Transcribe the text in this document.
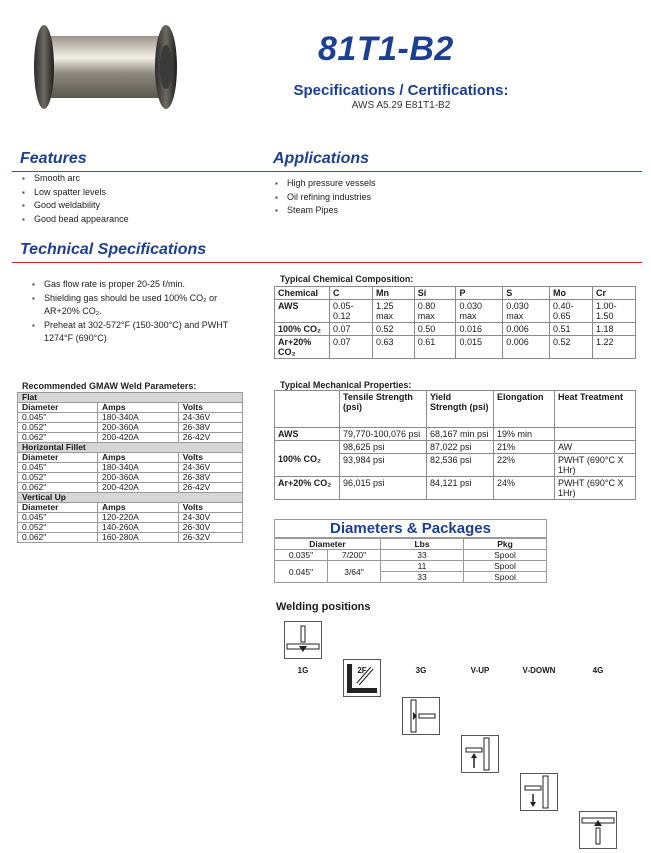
81T1-B2
Specifications / Certifications:
AWS A5.29 E81T1-B2
Features
▪ Smooth arc
▪ Low spatter levels
▪ Good weldability
▪ Good bead appearance
Applications
▪ High pressure vessels
▪ Oil refining industries
▪ Steam Pipes
Technical Specifications
▪ Gas flow rate is proper 20-25 ℓ/min.
▪ Shielding gas should be used 100% CO₂ or AR+20% CO₂.
▪ Preheat at 302-572°F (150-300°C) and PWHT 1274°F (690°C)
Typical Chemical Composition:
Chemical	C	Mn	Si	P	S	Mo	Cr
AWS	0.05-0.12	1.25 max	0.80 max	0.030 max	0.030 max	0.40-0.65	1.00-1.50
100% CO₂	0.07	0.52	0.50	0.016	0.006	0.51	1.18
Ar+20% CO₂	0.07	0.63	0.61	0.015	0.006	0.52	1.22
Recommended GMAW Weld Parameters:
Flat		
Diameter	Amps	Volts
0.045"	180-340A	24-36V
0.052"	200-360A	26-38V
0.062"	200-420A	26-42V
Horizontal Fillet		
Diameter	Amps	Volts
0.045"	180-340A	24-36V
0.052"	200-360A	26-38V
0.062"	200-420A	26-42V
Vertical Up		
Diameter	Amps	Volts
0.045"	120-220A	24-30V
0.052"	140-260A	26-30V
0.062"	160-280A	26-32V
Typical Mechanical Properties:
	Tensile Strength (psi)	Yield Strength (psi)	Elongation	Heat Treatment
AWS	79,770-100,076 psi	68,167 min psi	19% min	
100% CO₂	98,625 psi	87,022 psi	21%	AW
	93,984 psi	82,536 psi	22%	PWHT (690°C X 1Hr)
Ar+20% CO₂	96,015 psi	84,121 psi	24%	PWHT (690°C X 1Hr)
Diameters & Packages
Diameter		Lbs	Pkg
0.035"	7/200"	33	Spool
0.045"	3/64"	11	Spool
		33	Spool
Welding positions
1G	2F	3G	V-UP	V-DOWN	4G
